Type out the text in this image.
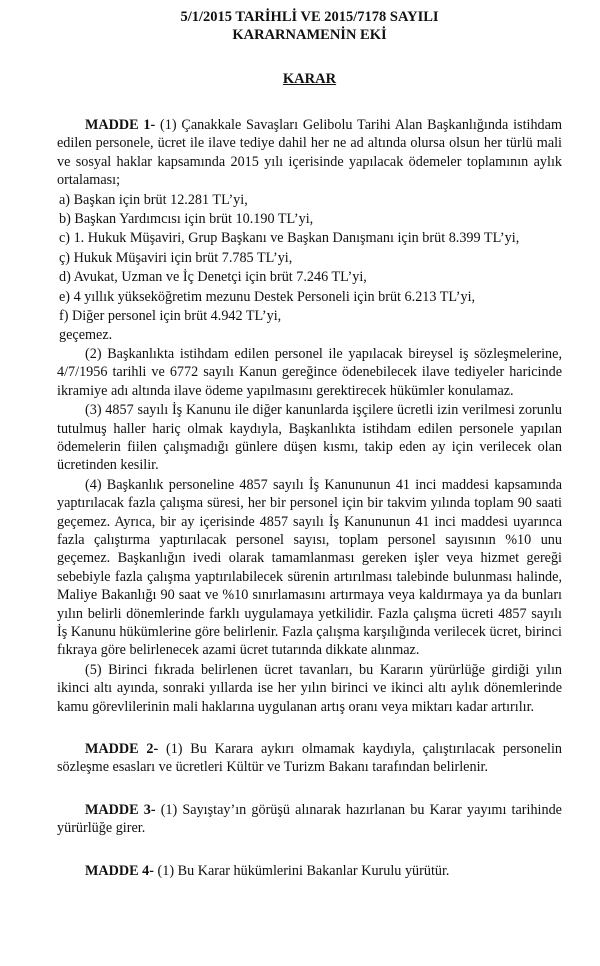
5/1/2015 TARİHLİ VE 2015/7178 SAYILI
KARARNAMENİN EKİ
KARAR

MADDE 1- (1) Çanakkale Savaşları Gelibolu Tarihi Alan Başkanlığında istihdam edilen personele, ücret ile ilave tediye dahil her ne ad altında olursa olsun her türlü mali ve sosyal haklar kapsamında 2015 yılı içerisinde yapılacak ödemeler toplamının aylık ortalaması;

a) Başkan için brüt 12.281 TL’yi,

b) Başkan Yardımcısı için brüt 10.190 TL’yi,

c) 1. Hukuk Müşaviri, Grup Başkanı ve Başkan Danışmanı için brüt 8.399 TL’yi,

ç) Hukuk Müşaviri için brüt 7.785 TL’yi,

d) Avukat, Uzman ve İç Denetçi için brüt 7.246 TL’yi,

e) 4 yıllık yükseköğretim mezunu Destek Personeli için brüt 6.213 TL’yi,

f) Diğer personel için brüt 4.942 TL’yi,

geçemez.

(2) Başkanlıkta istihdam edilen personel ile yapılacak bireysel iş sözleşmelerine, 4/7/1956 tarihli ve 6772 sayılı Kanun gereğince ödenebilecek ilave tediyeler haricinde ikramiye adı altında ilave ödeme yapılmasını gerektirecek hükümler konulamaz.

(3) 4857 sayılı İş Kanunu ile diğer kanunlarda işçilere ücretli izin verilmesi zorunlu tutulmuş haller hariç olmak kaydıyla, Başkanlıkta istihdam edilen personele yapılan ödemelerin fiilen çalışmadığı günlere düşen kısmı, takip eden ay için verilecek olan ücretinden kesilir.

(4) Başkanlık personeline 4857 sayılı İş Kanununun 41 inci maddesi kapsamında yaptırılacak fazla çalışma süresi, her bir personel için bir takvim yılında toplam 90 saati geçemez. Ayrıca, bir ay içerisinde 4857 sayılı İş Kanununun 41 inci maddesi uyarınca fazla çalıştırma yaptırılacak personel sayısı, toplam personel sayısının %10 unu geçemez. Başkanlığın ivedi olarak tamamlanması gereken işler veya hizmet gereği sebebiyle fazla çalışma yaptırılabilecek sürenin artırılması talebinde bulunması halinde, Maliye Bakanlığı 90 saat ve %10 sınırlamasını artırmaya veya kaldırmaya ya da bunları yılın belirli dönemlerinde farklı uygulamaya yetkilidir. Fazla çalışma ücreti 4857 sayılı İş Kanunu hükümlerine göre belirlenir. Fazla çalışma karşılığında verilecek ücret, birinci fıkraya göre belirlenecek azami ücret tutarında dikkate alınmaz.

(5) Birinci fıkrada belirlenen ücret tavanları, bu Kararın yürürlüğe girdiği yılın ikinci altı ayında, sonraki yıllarda ise her yılın birinci ve ikinci altı aylık dönemlerinde kamu görevlilerinin mali haklarına uygulanan artış oranı veya miktarı kadar artırılır.

MADDE 2- (1) Bu Karara aykırı olmamak kaydıyla, çalıştırılacak personelin sözleşme esasları ve ücretleri Kültür ve Turizm Bakanı tarafından belirlenir.

MADDE 3- (1) Sayıştay’ın görüşü alınarak hazırlanan bu Karar yayımı tarihinde yürürlüğe girer.

MADDE 4- (1) Bu Karar hükümlerini Bakanlar Kurulu yürütür.
